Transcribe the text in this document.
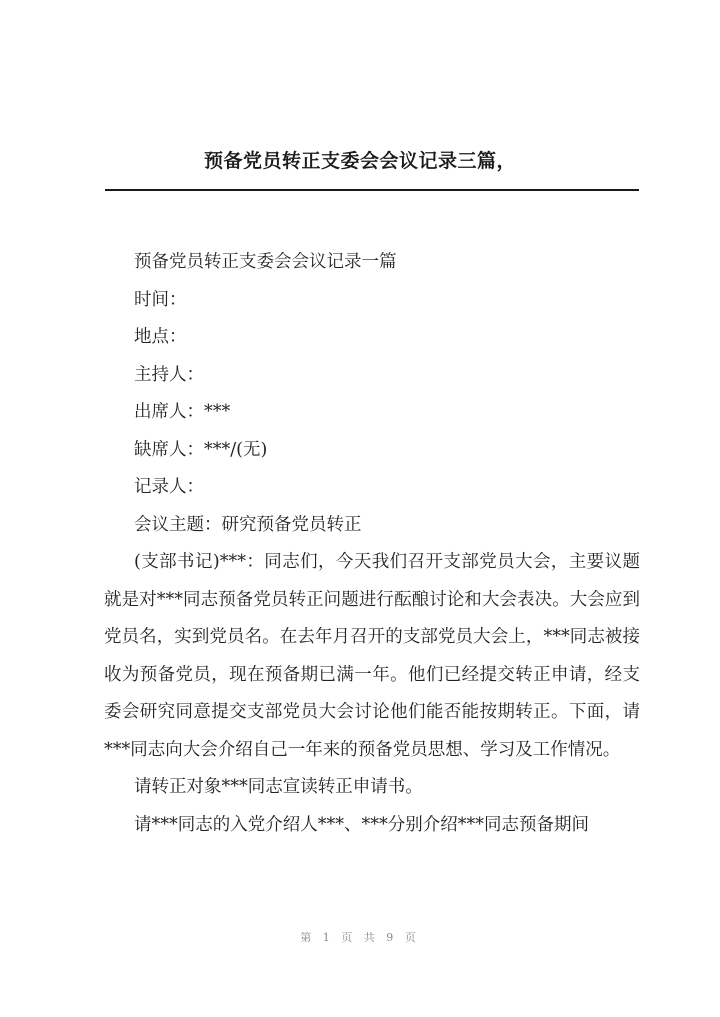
预备党员转正支委会会议记录三篇，

预备党员转正支委会会议记录一篇

时间：

地点：

主持人：

出席人：***

缺席人：***/(无)

记录人：

会议主题：研究预备党员转正

(支部书记)***：同志们，今天我们召开支部党员大会，主要议题就是对***同志预备党员转正问题进行酝酿讨论和大会表决。大会应到党员名，实到党员名。在去年月召开的支部党员大会上，***同志被接收为预备党员，现在预备期已满一年。他们已经提交转正申请，经支委会研究同意提交支部党员大会讨论他们能否能按期转正。下面，请***同志向大会介绍自己一年来的预备党员思想、学习及工作情况。

请转正对象***同志宣读转正申请书。

请***同志的入党介绍人***、***分别介绍***同志预备期间

第 1 页 共 9 页
